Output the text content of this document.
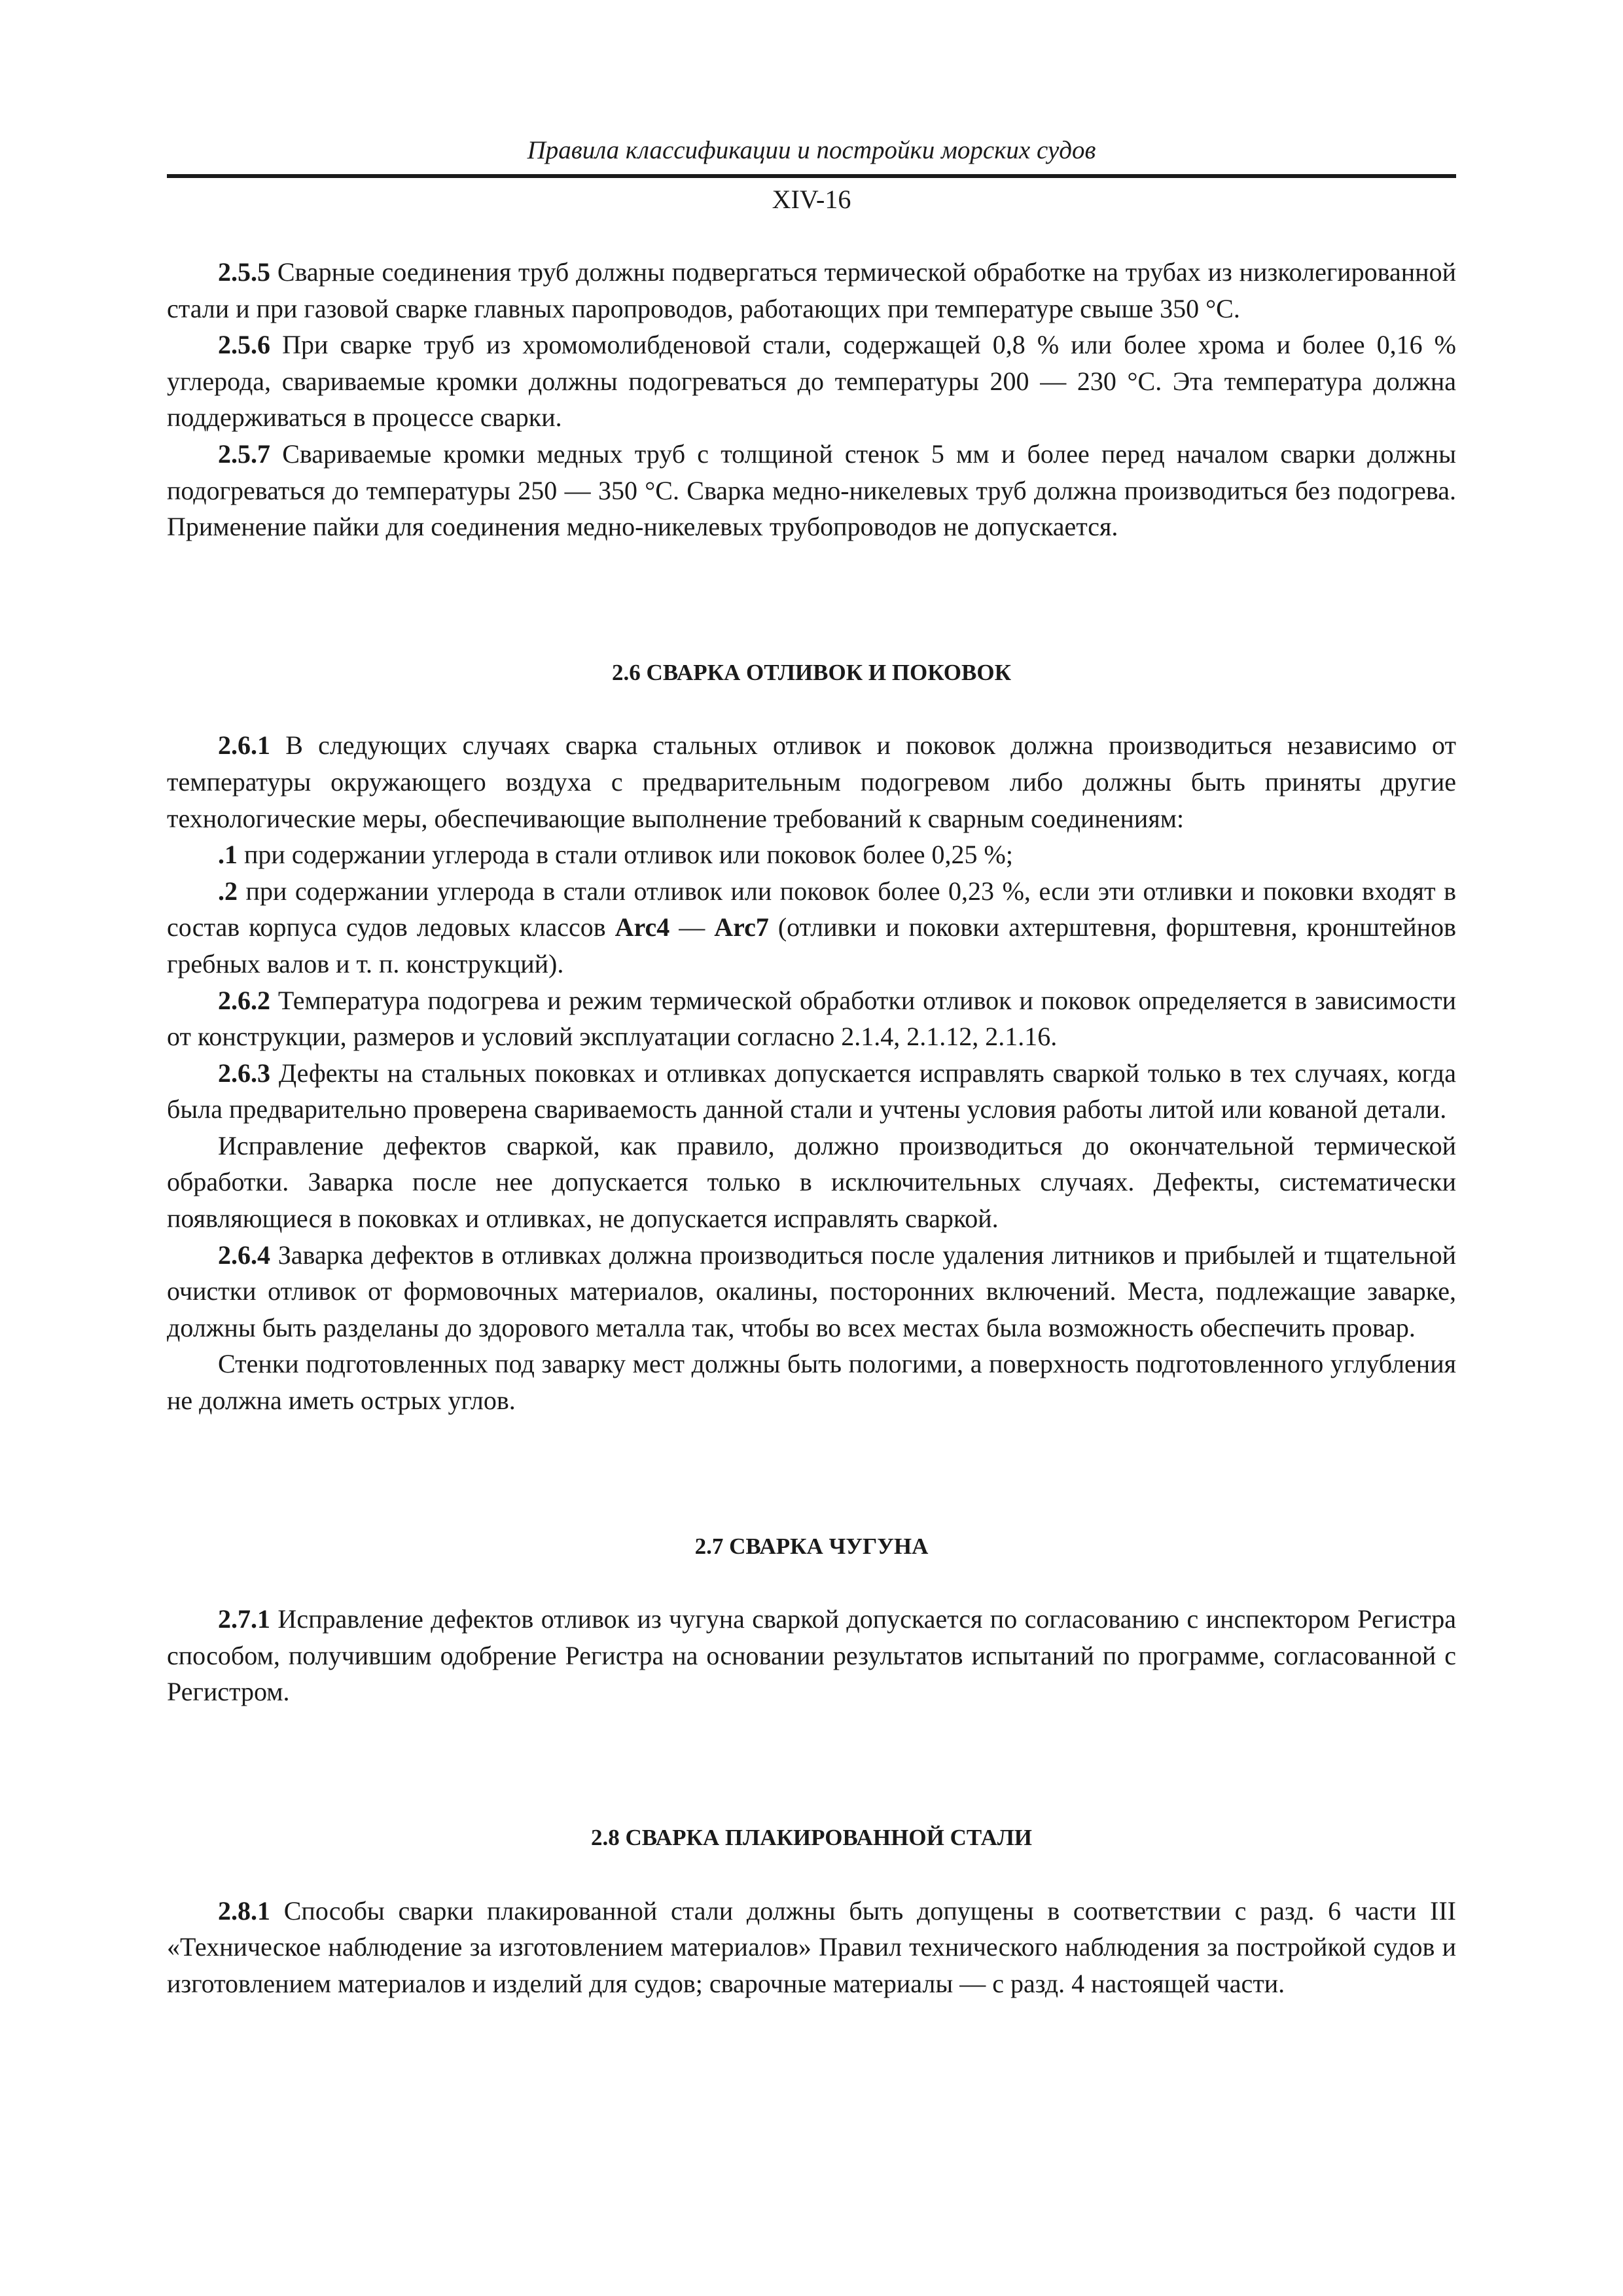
Правила классификации и постройки морских судов
XIV-16

2.5.5 Сварные соединения труб должны подвергаться термической обработке на трубах из низколегированной стали и при газовой сварке главных паропроводов, работающих при температуре свыше 350 °С.

2.5.6 При сварке труб из хромомолибденовой стали, содержащей 0,8 % или более хрома и более 0,16 % углерода, свариваемые кромки должны подогреваться до температуры 200 — 230 °С. Эта температура должна поддерживаться в процессе сварки.

2.5.7 Свариваемые кромки медных труб с толщиной стенок 5 мм и более перед началом сварки должны подогреваться до температуры 250 — 350 °С. Сварка медно-никелевых труб должна производиться без подогрева. Применение пайки для соединения медно-никелевых трубопроводов не допускается.

2.6 СВАРКА ОТЛИВОК И ПОКОВОК

2.6.1 В следующих случаях сварка стальных отливок и поковок должна производиться независимо от температуры окружающего воздуха с предварительным подогревом либо должны быть приняты другие технологические меры, обеспечивающие выполнение требований к сварным соединениям:

.1 при содержании углерода в стали отливок или поковок более 0,25 %;

.2 при содержании углерода в стали отливок или поковок более 0,23 %, если эти отливки и поковки входят в состав корпуса судов ледовых классов Arc4 — Arc7 (отливки и поковки ахтерштевня, форштевня, кронштейнов гребных валов и т. п. конструкций).

2.6.2 Температура подогрева и режим термической обработки отливок и поковок определяется в зависимости от конструкции, размеров и условий эксплуатации согласно 2.1.4, 2.1.12, 2.1.16.

2.6.3 Дефекты на стальных поковках и отливках допускается исправлять сваркой только в тех случаях, когда была предварительно проверена свариваемость данной стали и учтены условия работы литой или кованой детали.

Исправление дефектов сваркой, как правило, должно производиться до окончательной термической обработки. Заварка после нее допускается только в исключительных случаях. Дефекты, систематически появляющиеся в поковках и отливках, не допускается исправлять сваркой.

2.6.4 Заварка дефектов в отливках должна производиться после удаления литников и прибылей и тщательной очистки отливок от формовочных материалов, окалины, посторонних включений. Места, подлежащие заварке, должны быть разделаны до здорового металла так, чтобы во всех местах была возможность обеспечить провар.

Стенки подготовленных под заварку мест должны быть пологими, а поверхность подготовленного углубления не должна иметь острых углов.

2.7 СВАРКА ЧУГУНА

2.7.1 Исправление дефектов отливок из чугуна сваркой допускается по согласованию с инспектором Регистра способом, получившим одобрение Регистра на основании результатов испытаний по программе, согласованной с Регистром.

2.8 СВАРКА ПЛАКИРОВАННОЙ СТАЛИ

2.8.1 Способы сварки плакированной стали должны быть допущены в соответствии с разд. 6 части III «Техническое наблюдение за изготовлением материалов» Правил технического наблюдения за постройкой судов и изготовлением материалов и изделий для судов; сварочные материалы — с разд. 4 настоящей части.
